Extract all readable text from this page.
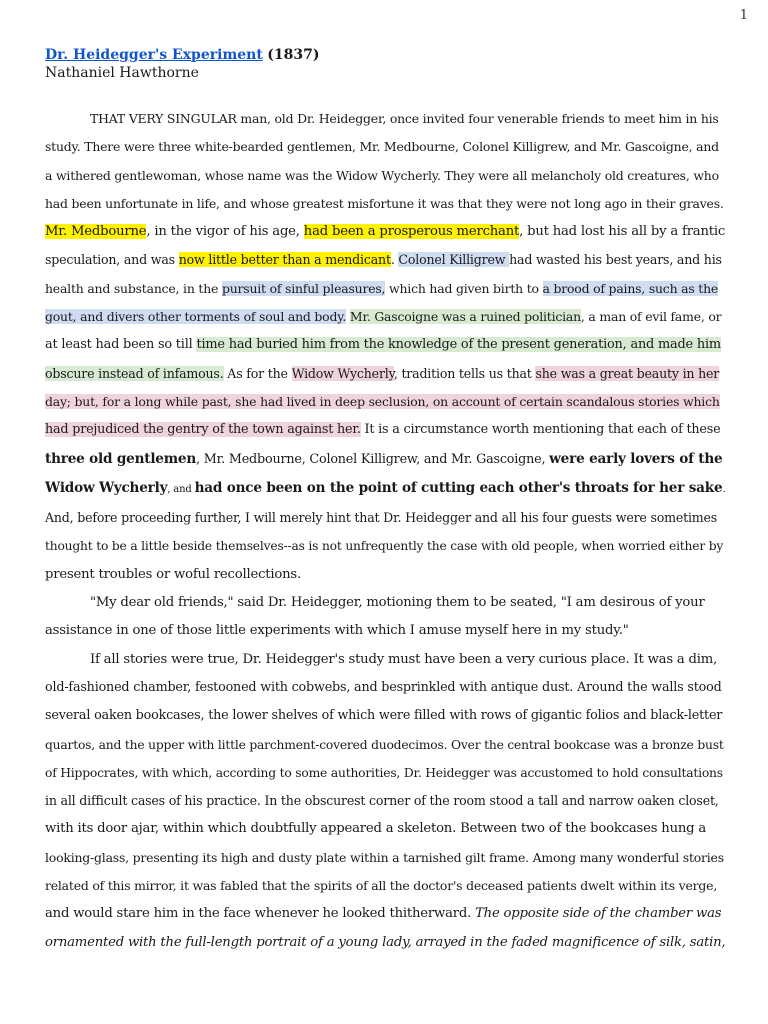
1
Dr. Heidegger's Experiment (1837)
Nathaniel Hawthorne
THAT VERY SINGULAR man, old Dr. Heidegger, once invited four venerable friends to meet him in his
study. There were three white-bearded gentlemen, Mr. Medbourne, Colonel Killigrew, and Mr. Gascoigne, and
a withered gentlewoman, whose name was the Widow Wycherly. They were all melancholy old creatures, who
had been unfortunate in life, and whose greatest misfortune it was that they were not long ago in their graves.
Mr. Medbourne, in the vigor of his age, had been a prosperous merchant, but had lost his all by a frantic
speculation, and was now little better than a mendicant. Colonel Killigrew had wasted his best years, and his
health and substance, in the pursuit of sinful pleasures, which had given birth to a brood of pains, such as the
gout, and divers other torments of soul and body. Mr. Gascoigne was a ruined politician, a man of evil fame, or
at least had been so till time had buried him from the knowledge of the present generation, and made him
obscure instead of infamous. As for the Widow Wycherly, tradition tells us that she was a great beauty in her
day; but, for a long while past, she had lived in deep seclusion, on account of certain scandalous stories which
had prejudiced the gentry of the town against her. It is a circumstance worth mentioning that each of these
three old gentlemen, Mr. Medbourne, Colonel Killigrew, and Mr. Gascoigne, were early lovers of the
Widow Wycherly, and had once been on the point of cutting each other's throats for her sake.
And, before proceeding further, I will merely hint that Dr. Heidegger and all his four guests were sometimes
thought to be a little beside themselves--as is not unfrequently the case with old people, when worried either by
present troubles or woful recollections.
"My dear old friends," said Dr. Heidegger, motioning them to be seated, "I am desirous of your
assistance in one of those little experiments with which I amuse myself here in my study."
If all stories were true, Dr. Heidegger's study must have been a very curious place. It was a dim,
old-fashioned chamber, festooned with cobwebs, and besprinkled with antique dust. Around the walls stood
several oaken bookcases, the lower shelves of which were filled with rows of gigantic folios and black-letter
quartos, and the upper with little parchment-covered duodecimos. Over the central bookcase was a bronze bust
of Hippocrates, with which, according to some authorities, Dr. Heidegger was accustomed to hold consultations
in all difficult cases of his practice. In the obscurest corner of the room stood a tall and narrow oaken closet,
with its door ajar, within which doubtfully appeared a skeleton. Between two of the bookcases hung a
looking-glass, presenting its high and dusty plate within a tarnished gilt frame. Among many wonderful stories
related of this mirror, it was fabled that the spirits of all the doctor's deceased patients dwelt within its verge,
and would stare him in the face whenever he looked thitherward. The opposite side of the chamber was
ornamented with the full-length portrait of a young lady, arrayed in the faded magnificence of silk, satin,
